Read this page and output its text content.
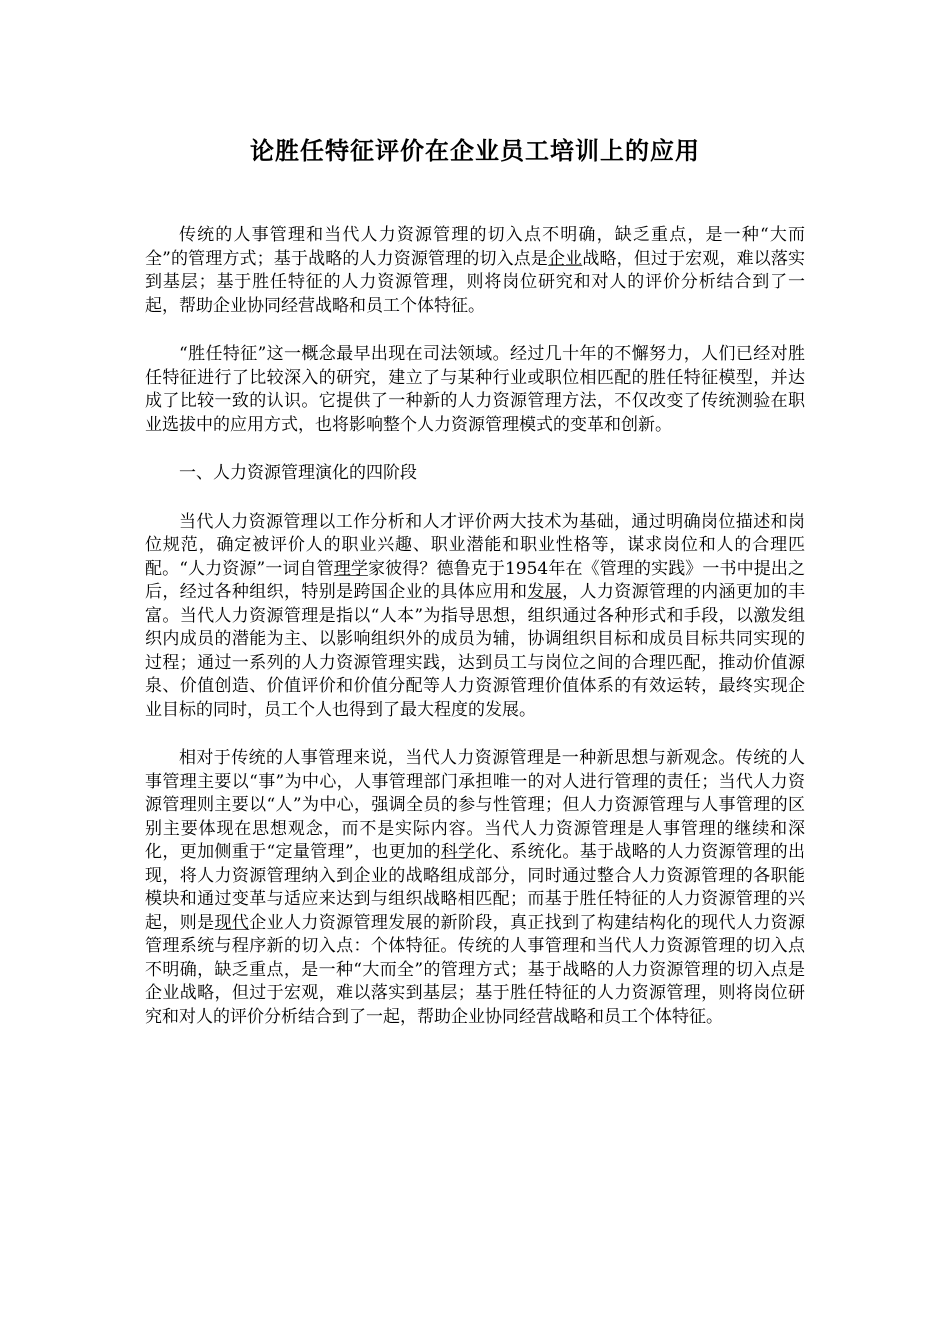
论胜任特征评价在企业员工培训上的应用

传统的人事管理和当代人力资源管理的切入点不明确，缺乏重点，是一种“大而全”的管理方式；基于战略的人力资源管理的切入点是企业战略，但过于宏观，难以落实到基层；基于胜任特征的人力资源管理，则将岗位研究和对人的评价分析结合到了一起，帮助企业协同经营战略和员工个体特征。

“胜任特征”这一概念最早出现在司法领域。经过几十年的不懈努力，人们已经对胜任特征进行了比较深入的研究，建立了与某种行业或职位相匹配的胜任特征模型，并达成了比较一致的认识。它提供了一种新的人力资源管理方法，不仅改变了传统测验在职业选拔中的应用方式，也将影响整个人力资源管理模式的变革和创新。

一、人力资源管理演化的四阶段

当代人力资源管理以工作分析和人才评价两大技术为基础，通过明确岗位描述和岗位规范，确定被评价人的职业兴趣、职业潜能和职业性格等，谋求岗位和人的合理匹配。“人力资源”一词自管理学家彼得？德鲁克于1954年在《管理的实践》一书中提出之后，经过各种组织，特别是跨国企业的具体应用和发展，人力资源管理的内涵更加的丰富。当代人力资源管理是指以“人本”为指导思想，组织通过各种形式和手段，以激发组织内成员的潜能为主、以影响组织外的成员为辅，协调组织目标和成员目标共同实现的过程；通过一系列的人力资源管理实践，达到员工与岗位之间的合理匹配，推动价值源泉、价值创造、价值评价和价值分配等人力资源管理价值体系的有效运转，最终实现企业目标的同时，员工个人也得到了最大程度的发展。

相对于传统的人事管理来说，当代人力资源管理是一种新思想与新观念。传统的人事管理主要以“事”为中心，人事管理部门承担唯一的对人进行管理的责任；当代人力资源管理则主要以“人”为中心，强调全员的参与性管理；但人力资源管理与人事管理的区别主要体现在思想观念，而不是实际内容。当代人力资源管理是人事管理的继续和深化，更加侧重于“定量管理”，也更加的科学化、系统化。基于战略的人力资源管理的出现，将人力资源管理纳入到企业的战略组成部分，同时通过整合人力资源管理的各职能模块和通过变革与适应来达到与组织战略相匹配；而基于胜任特征的人力资源管理的兴起，则是现代企业人力资源管理发展的新阶段，真正找到了构建结构化的现代人力资源管理系统与程序新的切入点：个体特征。传统的人事管理和当代人力资源管理的切入点不明确，缺乏重点，是一种“大而全”的管理方式；基于战略的人力资源管理的切入点是企业战略，但过于宏观，难以落实到基层；基于胜任特征的人力资源管理，则将岗位研究和对人的评价分析结合到了一起，帮助企业协同经营战略和员工个体特征。
